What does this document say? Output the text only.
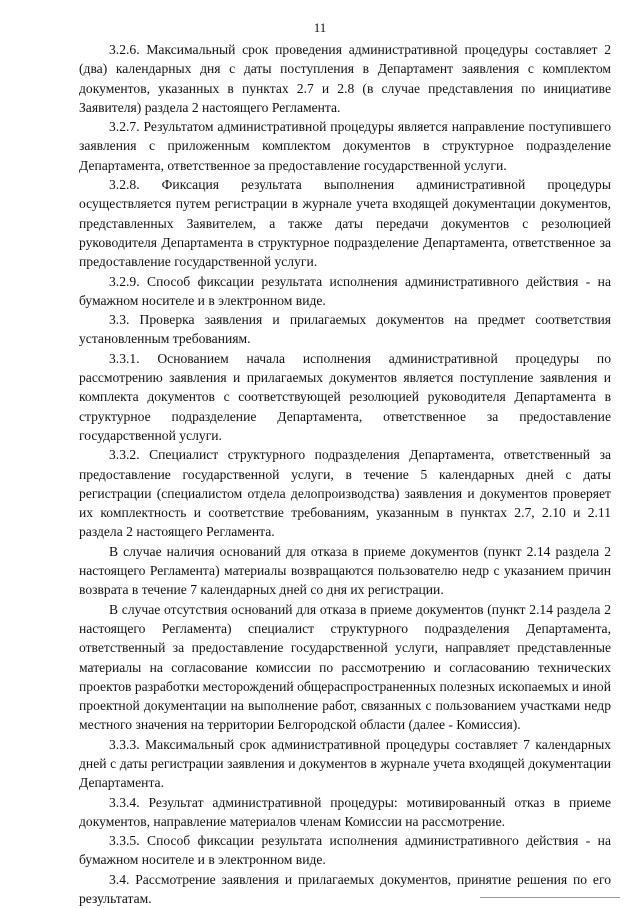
11

3.2.6. Максимальный срок проведения административной процедуры составляет 2 (два) календарных дня с даты поступления в Департамент заявления с комплектом документов, указанных в пунктах 2.7 и 2.8 (в случае представления по инициативе Заявителя) раздела 2 настоящего Регламента.

3.2.7. Результатом административной процедуры является направление поступившего заявления с приложенным комплектом документов в структурное подразделение Департамента, ответственное за предоставление государственной услуги.

3.2.8. Фиксация результата выполнения административной процедуры осуществляется путем регистрации в журнале учета входящей документации документов, представленных Заявителем, а также даты передачи документов с резолюцией руководителя Департамента в структурное подразделение Департамента, ответственное за предоставление государственной услуги.

3.2.9. Способ фиксации результата исполнения административного действия - на бумажном носителе и в электронном виде.

3.3. Проверка заявления и прилагаемых документов на предмет соответствия установленным требованиям.

3.3.1. Основанием начала исполнения административной процедуры по рассмотрению заявления и прилагаемых документов является поступление заявления и комплекта документов с соответствующей резолюцией руководителя Департамента в структурное подразделение Департамента, ответственное за предоставление государственной услуги.

3.3.2. Специалист структурного подразделения Департамента, ответственный за предоставление государственной услуги, в течение 5 календарных дней с даты регистрации (специалистом отдела делопроизводства) заявления и документов проверяет их комплектность и соответствие требованиям, указанным в пунктах 2.7, 2.10 и 2.11 раздела 2 настоящего Регламента.

В случае наличия оснований для отказа в приеме документов (пункт 2.14 раздела 2 настоящего Регламента) материалы возвращаются пользователю недр с указанием причин возврата в течение 7 календарных дней со дня их регистрации.

В случае отсутствия оснований для отказа в приеме документов (пункт 2.14 раздела 2 настоящего Регламента) специалист структурного подразделения Департамента, ответственный за предоставление государственной услуги, направляет представленные материалы на согласование комиссии по рассмотрению и согласованию технических проектов разработки месторождений общераспространенных полезных ископаемых и иной проектной документации на выполнение работ, связанных с пользованием участками недр местного значения на территории Белгородской области (далее - Комиссия).

3.3.3. Максимальный срок административной процедуры составляет 7 календарных дней с даты регистрации заявления и документов в журнале учета входящей документации Департамента.

3.3.4. Результат административной процедуры: мотивированный отказ в приеме документов, направление материалов членам Комиссии на рассмотрение.

3.3.5. Способ фиксации результата исполнения административного действия - на бумажном носителе и в электронном виде.

3.4. Рассмотрение заявления и прилагаемых документов, принятие решения по его результатам.
